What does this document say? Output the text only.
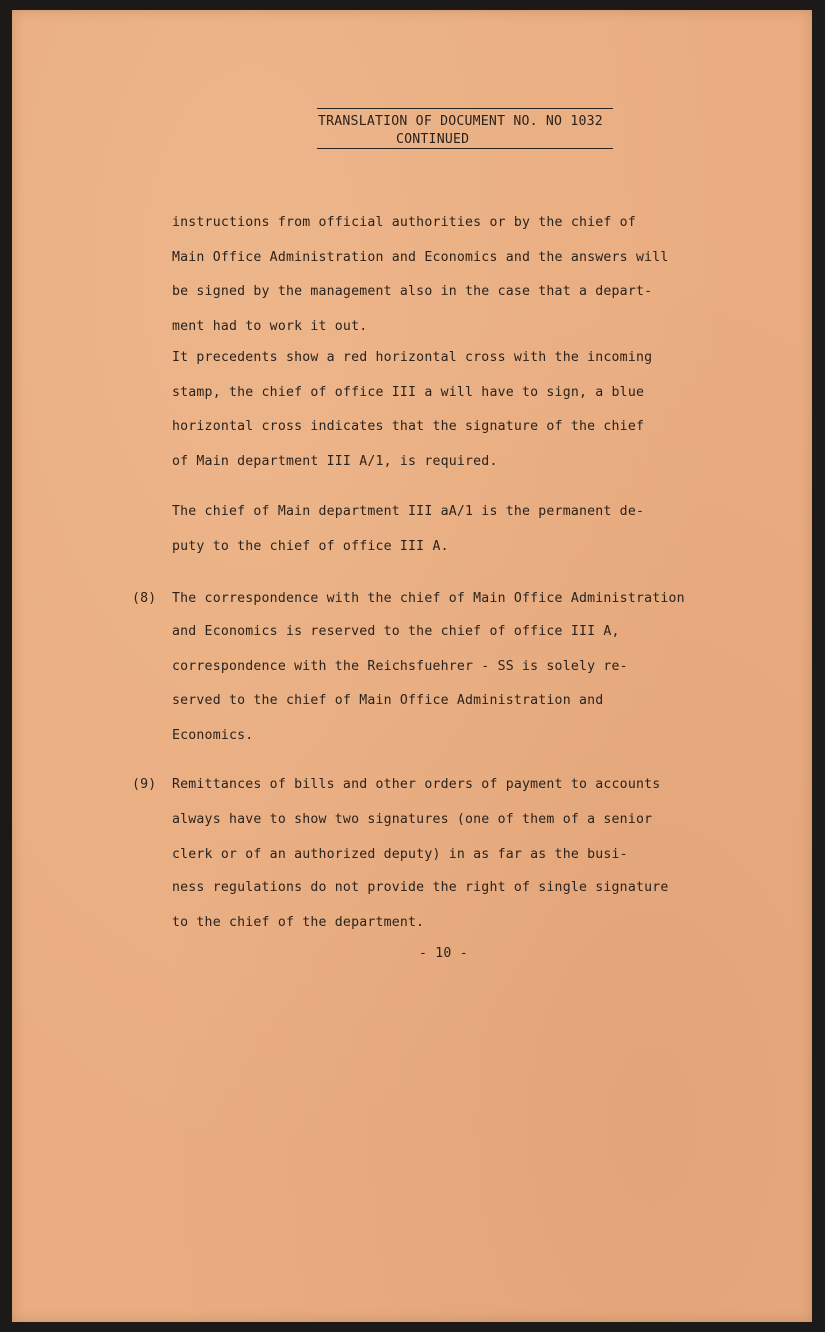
TRANSLATION OF DOCUMENT NO. NO 1032
CONTINUED
instructions from official authorities or by the chief of
Main Office Administration and Economics and the answers will
be signed by the management also in the case that a depart-
ment had to work it out.
It precedents show a red horizontal cross with the incoming
stamp, the chief of office III a will have to sign, a blue
horizontal cross indicates that the signature of the chief
of Main department III A/1, is required.
The chief of Main department III aA/1 is the permanent de-
puty to the chief of office III A.
(8) The correspondence with the chief of Main Office Administration
and Economics is reserved to the chief of office III A,
correspondence with the Reichsfuehrer - SS is solely re-
served to the chief of Main Office Administration and
Economics.
(9) Remittances of bills and other orders of payment to accounts
always have to show two signatures (one of them of a senior
clerk or of an authorized deputy) in as far as the busi-
ness regulations do not provide the right of single signature
to the chief of the department.
- 10 -
